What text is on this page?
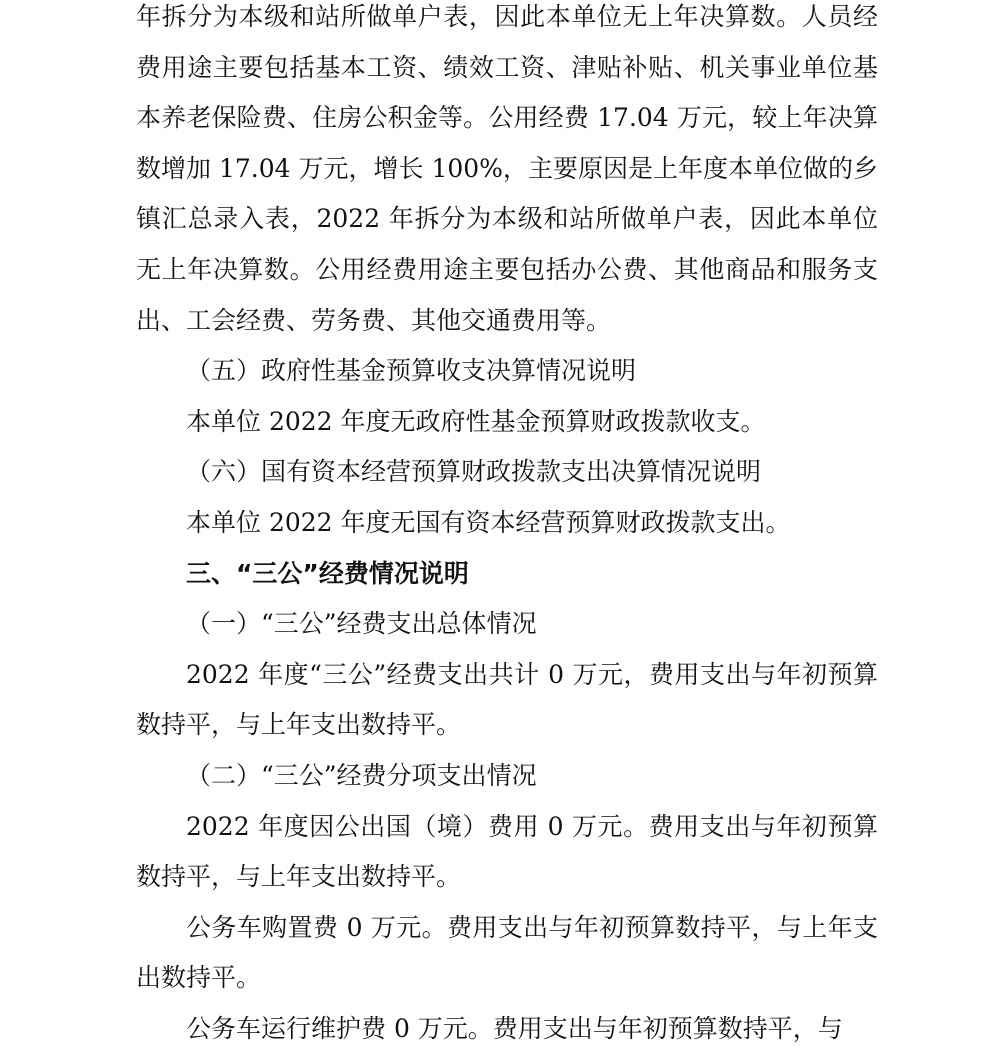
年拆分为本级和站所做单户表，因此本单位无上年决算数。人员经费用途主要包括基本工资、绩效工资、津贴补贴、机关事业单位基本养老保险费、住房公积金等。公用经费 17.04 万元，较上年决算数增加 17.04 万元，增长 100%，主要原因是上年度本单位做的乡镇汇总录入表，2022 年拆分为本级和站所做单户表，因此本单位无上年决算数。公用经费用途主要包括办公费、其他商品和服务支出、工会经费、劳务费、其他交通费用等。

（五）政府性基金预算收支决算情况说明

本单位 2022 年度无政府性基金预算财政拨款收支。

（六）国有资本经营预算财政拨款支出决算情况说明

本单位 2022 年度无国有资本经营预算财政拨款支出。

三、“三公”经费情况说明

（一）“三公”经费支出总体情况

2022 年度“三公”经费支出共计 0 万元，费用支出与年初预算数持平，与上年支出数持平。

（二）“三公”经费分项支出情况

2022 年度因公出国（境）费用 0 万元。费用支出与年初预算数持平，与上年支出数持平。

公务车购置费 0 万元。费用支出与年初预算数持平，与上年支出数持平。

公务车运行维护费 0 万元。费用支出与年初预算数持平，与
